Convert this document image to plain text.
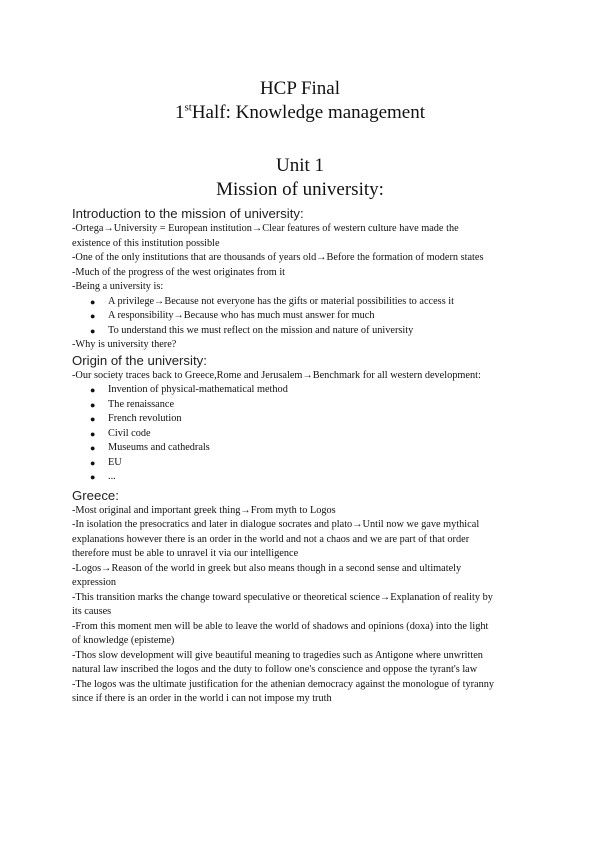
HCP Final
1stHalf: Knowledge management
Unit 1
Mission of university:

Introduction to the mission of university:

-Ortega→University = European institution→Clear features of western culture have made the

existence of this institution possible

-One of the only institutions that are thousands of years old→Before the formation of modern states

-Much of the progress of the west originates from it

-Being a university is:

● A privilege→Because not everyone has the gifts or material possibilities to access it
● A responsibility→Because who has much must answer for much
● To understand this we must reflect on the mission and nature of university

-Why is university there?

Origin of the university:

-Our society traces back to Greece,Rome and Jerusalem→Benchmark for all western development:

● Invention of physical-mathematical method
● The renaissance
● French revolution
● Civil code
● Museums and cathedrals
● EU
● ...

Greece:

-Most original and important greek thing→From myth to Logos

-In isolation the presocratics and later in dialogue socrates and plato→Until now we gave mythical

explanations however there is an order in the world and not a chaos and we are part of that order

therefore must be able to unravel it via our intelligence

-Logos→Reason of the world in greek but also means though in a second sense and ultimately

expression

-This transition marks the change toward speculative or theoretical science→Explanation of reality by

its causes

-From this moment men will be able to leave the world of shadows and opinions (doxa) into the light

of knowledge (episteme)

-Thos slow development will give beautiful meaning to tragedies such as Antigone where unwritten

natural law inscribed the logos and the duty to follow one's conscience and oppose the tyrant's law

-The logos was the ultimate justification for the athenian democracy against the monologue of tyranny

since if there is an order in the world i can not impose my truth
